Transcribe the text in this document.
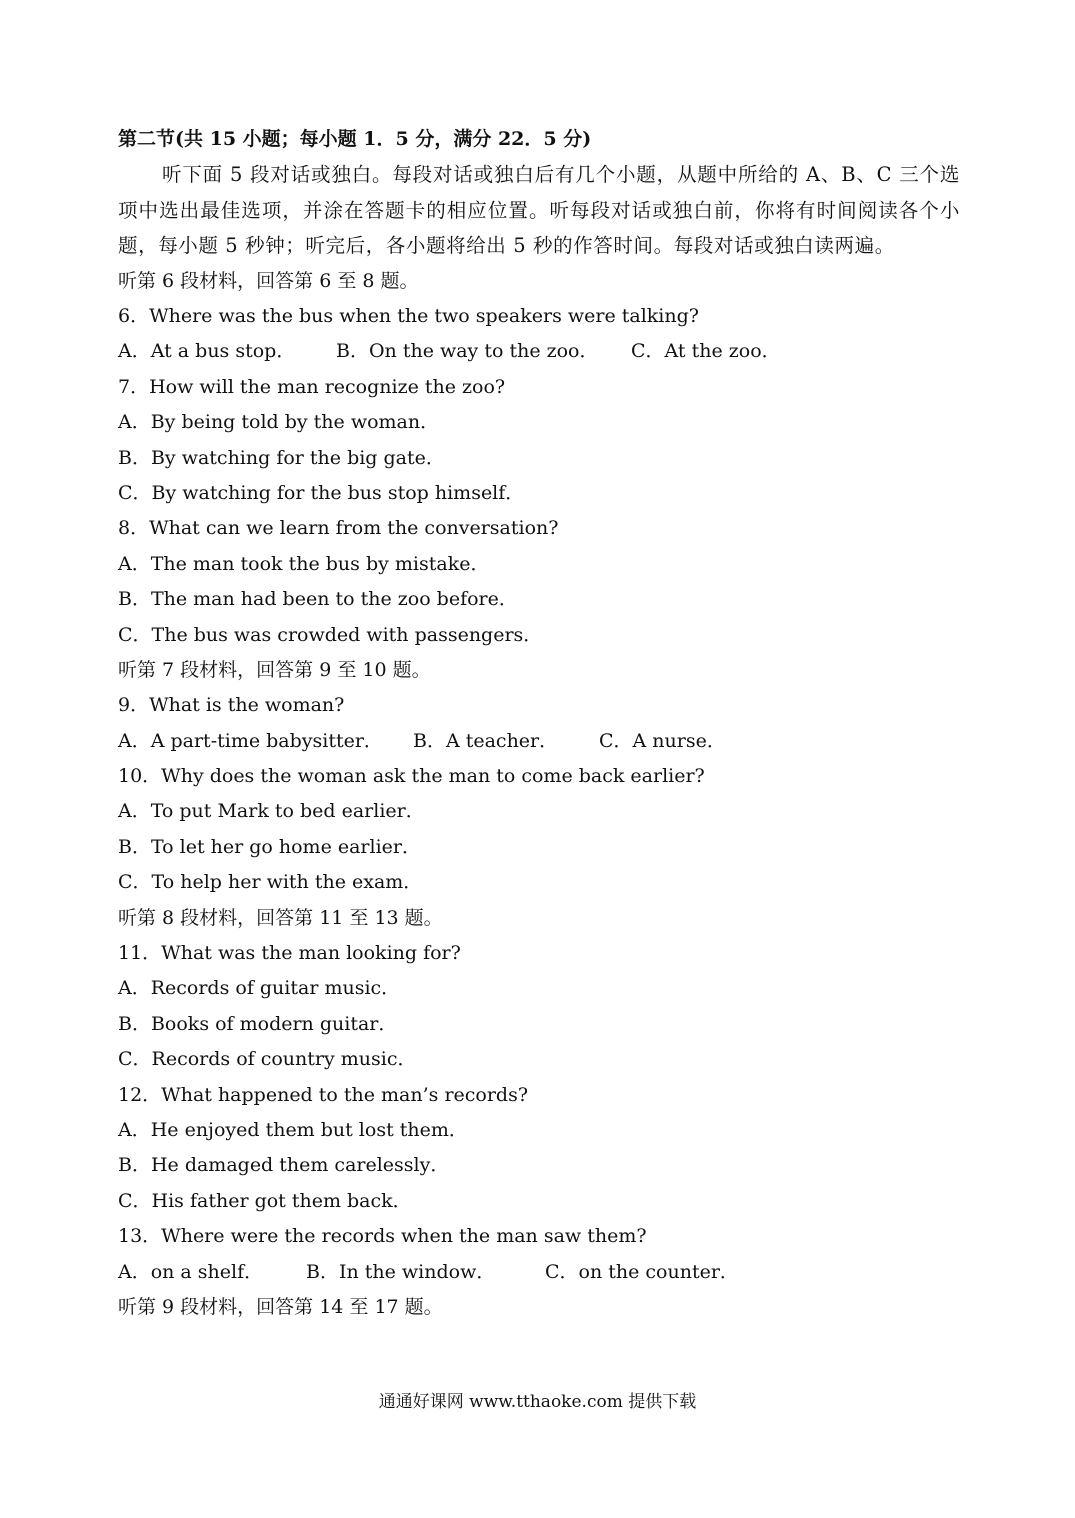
第二节(共 15 小题；每小题 1．5 分，满分 22．5 分)
听下面 5 段对话或独白。每段对话或独白后有几个小题，从题中所给的 A、B、C 三个选项中选出最佳选项，并涂在答题卡的相应位置。听每段对话或独白前，你将有时间阅读各个小题，每小题 5 秒钟；听完后，各小题将给出 5 秒的作答时间。每段对话或独白读两遍。
听第 6 段材料，回答第 6 至 8 题。
6．Where was the bus when the two speakers were talking?
A．At a bus stop．	B．On the way to the zoo．	C．At the zoo．
7．How will the man recognize the zoo?
A．By being told by the woman．
B．By watching for the big gate．
C．By watching for the bus stop himself．
8．What can we learn from the conversation?
A．The man took the bus by mistake．
B．The man had been to the zoo before．
C．The bus was crowded with passengers．
听第 7 段材料，回答第 9 至 10 题。
9．What is the woman?
A．A part-time babysitter．	B．A teacher．	C．A nurse．
10．Why does the woman ask the man to come back earlier?
A．To put Mark to bed earlier．
B．To let her go home earlier．
C．To help her with the exam．
听第 8 段材料，回答第 11 至 13 题。
11．What was the man looking for?
A．Records of guitar music．
B．Books of modern guitar．
C．Records of country music．
12．What happened to the man’s records?
A．He enjoyed them but lost them．
B．He damaged them carelessly．
C．His father got them back．
13．Where were the records when the man saw them?
A．on a shelf．	B．In the window．	C．on the counter．
听第 9 段材料，回答第 14 至 17 题。
通通好课网 www.tthaoke.com 提供下载
